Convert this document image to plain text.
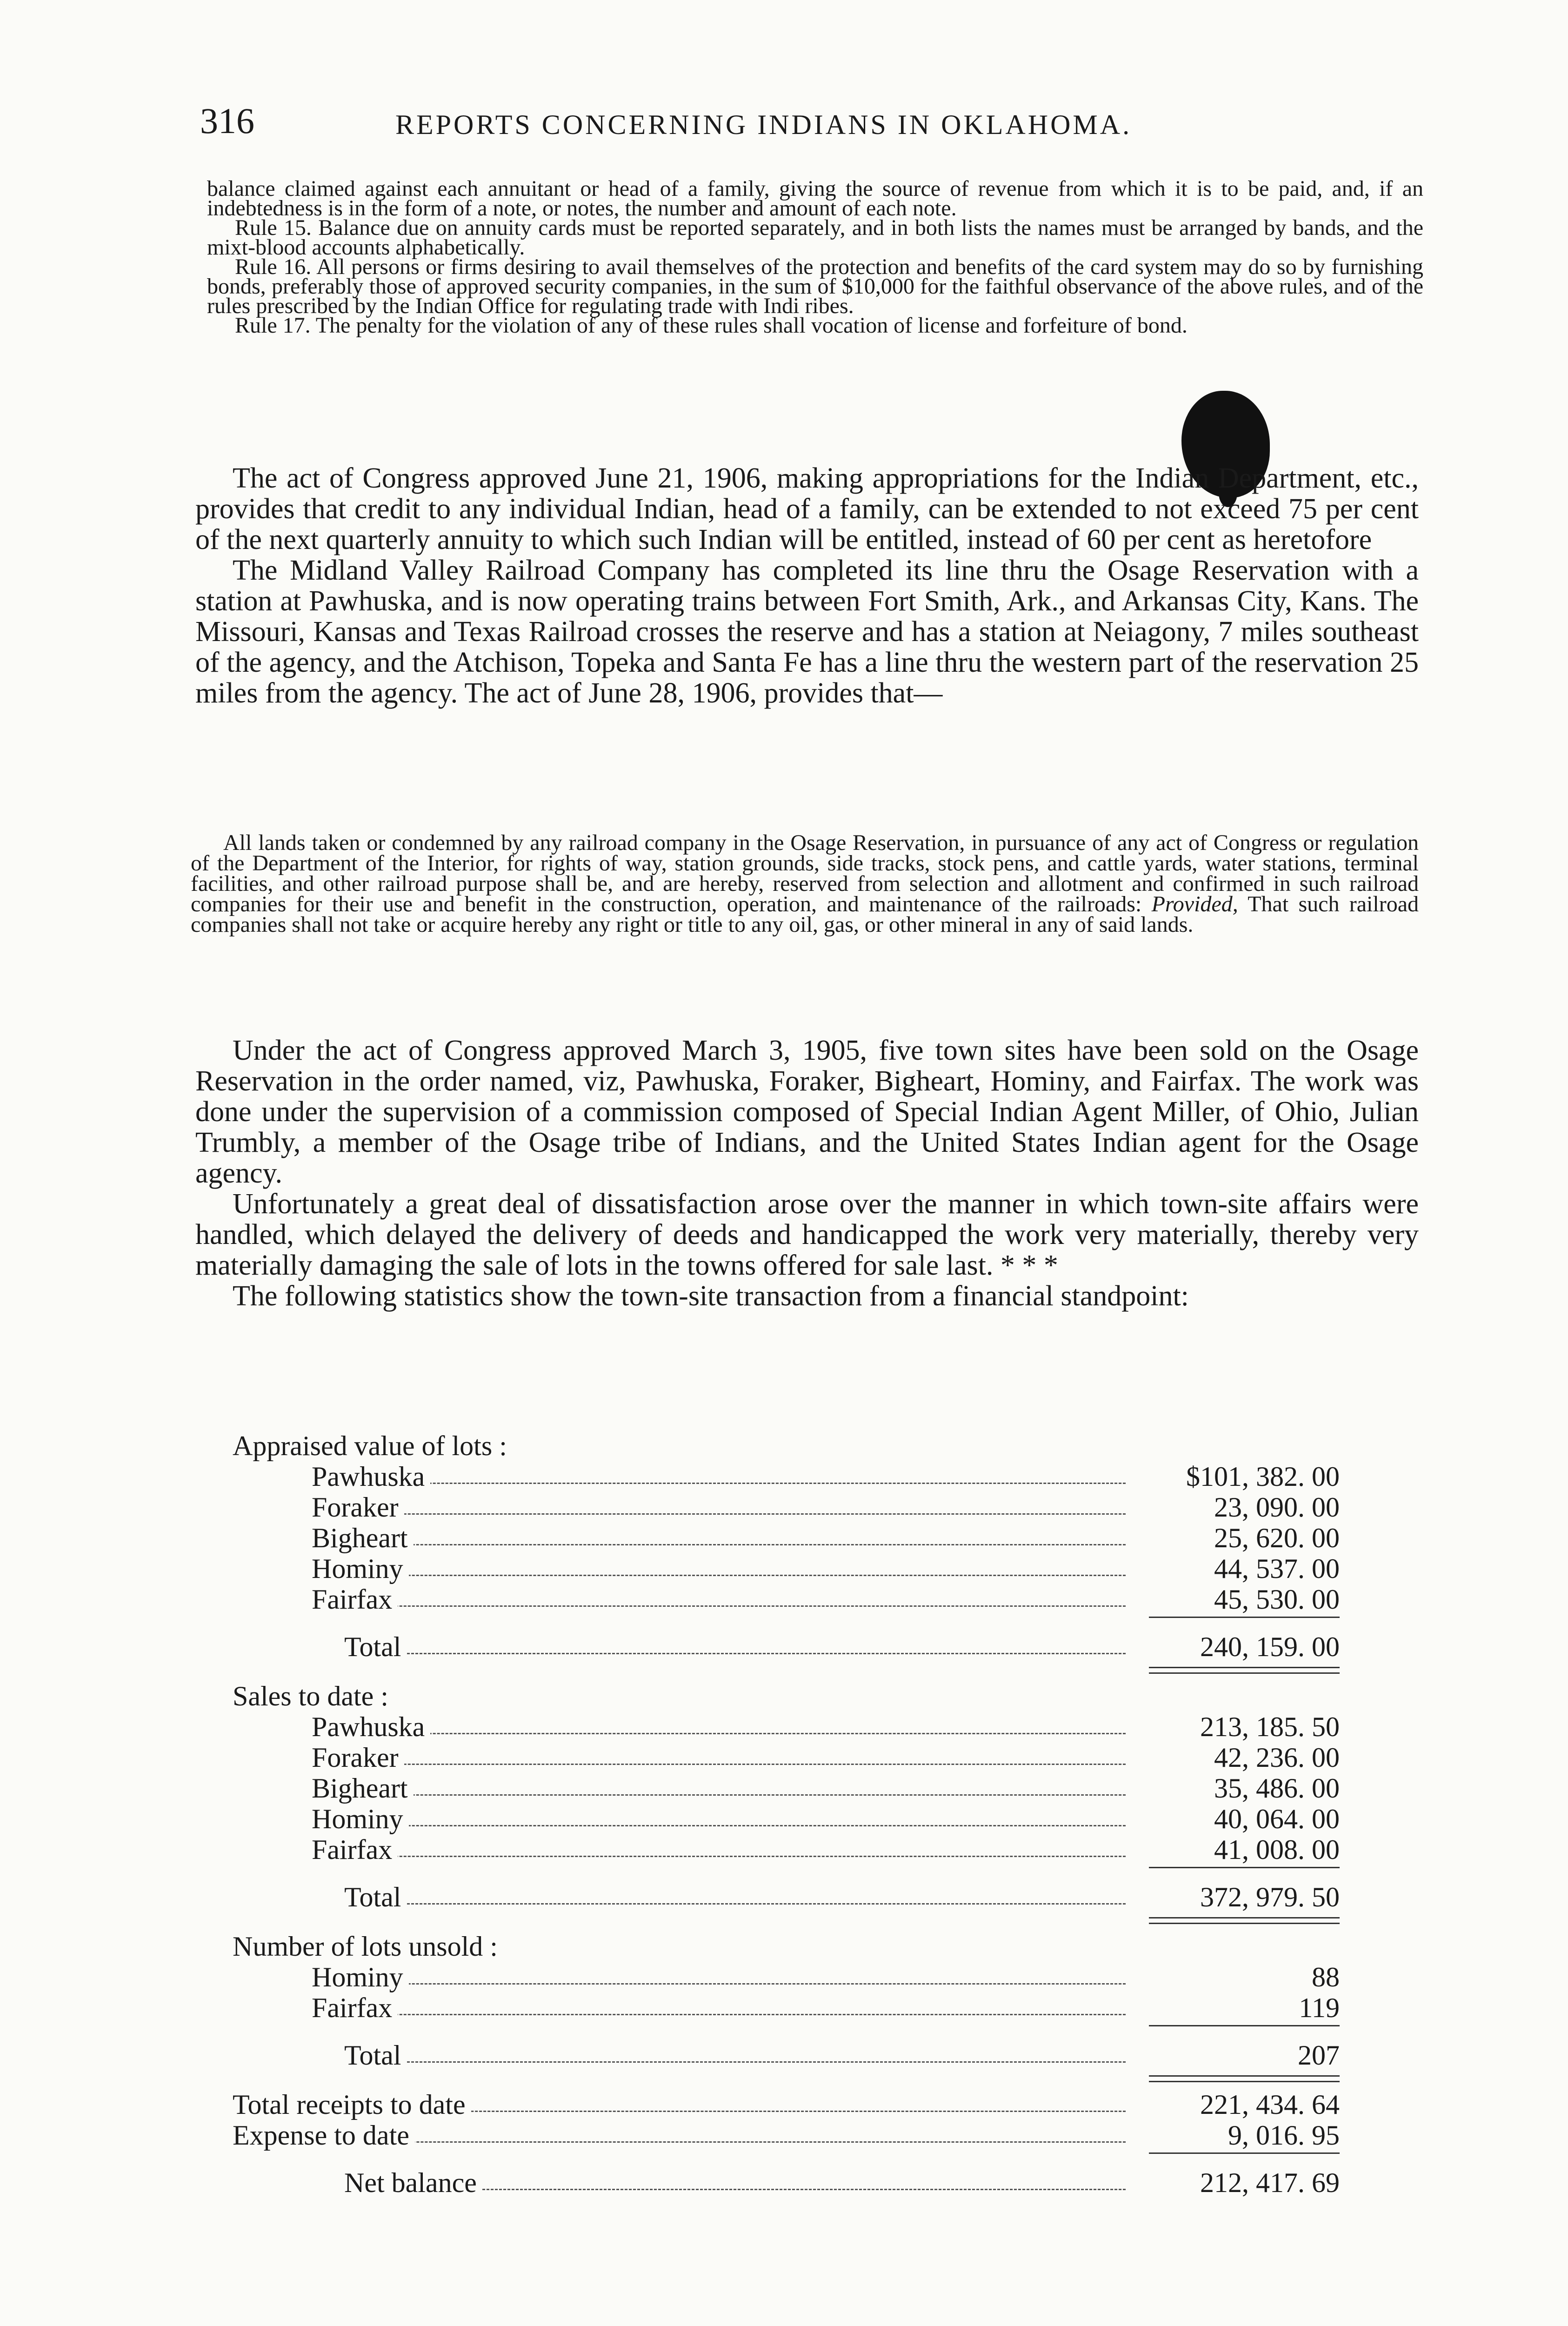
316	REPORTS CONCERNING INDIANS IN OKLAHOMA.

balance claimed against each annuitant or head of a family, giving the source of revenue from which it is to be paid, and, if an indebtedness is in the form of a note, or notes, the number and amount of each note.

Rule 15. Balance due on annuity cards must be reported separately, and in both lists the names must be arranged by bands, and the mixt-blood accounts alphabetically.

Rule 16. All persons or firms desiring to avail themselves of the protection and benefits of the card system may do so by furnishing bonds, preferably those of approved security companies, in the sum of $10,000 for the faithful observance of the above rules, and of the rules prescribed by the Indian Office for regulating trade with Indi ribes.

Rule 17. The penalty for the violation of any of these rules shall vocation of license and forfeiture of bond.

The act of Congress approved June 21, 1906, making appropriations for the Indian Department, etc., provides that credit to any individual Indian, head of a family, can be extended to not exceed 75 per cent of the next quarterly annuity to which such Indian will be entitled, instead of 60 per cent as heretofore

The Midland Valley Railroad Company has completed its line thru the Osage Reservation with a station at Pawhuska, and is now operating trains between Fort Smith, Ark., and Arkansas City, Kans. The Missouri, Kansas and Texas Railroad crosses the reserve and has a station at Neiagony, 7 miles southeast of the agency, and the Atchison, Topeka and Santa Fe has a line thru the western part of the reservation 25 miles from the agency. The act of June 28, 1906, provides that—

All lands taken or condemned by any railroad company in the Osage Reservation, in pursuance of any act of Congress or regulation of the Department of the Interior, for rights of way, station grounds, side tracks, stock pens, and cattle yards, water stations, terminal facilities, and other railroad purpose shall be, and are hereby, reserved from selection and allotment and confirmed in such railroad companies for their use and benefit in the construction, operation, and maintenance of the railroads: Provided, That such railroad companies shall not take or acquire hereby any right or title to any oil, gas, or other mineral in any of said lands.

Under the act of Congress approved March 3, 1905, five town sites have been sold on the Osage Reservation in the order named, viz, Pawhuska, Foraker, Bigheart, Hominy, and Fairfax. The work was done under the supervision of a commission composed of Special Indian Agent Miller, of Ohio, Julian Trumbly, a member of the Osage tribe of Indians, and the United States Indian agent for the Osage agency.

Unfortunately a great deal of dissatisfaction arose over the manner in which town-site affairs were handled, which delayed the delivery of deeds and handicapped the work very materially, thereby very materially damaging the sale of lots in the towns offered for sale last. * * *

The following statistics show the town-site transaction from a financial standpoint:

Appraised value of lots :
Pawhuska	$101, 382. 00
Foraker	23, 090. 00
Bigheart	25, 620. 00
Hominy	44, 537. 00
Fairfax	45, 530. 00
Total	240, 159. 00
Sales to date :
Pawhuska	213, 185. 50
Foraker	42, 236. 00
Bigheart	35, 486. 00
Hominy	40, 064. 00
Fairfax	41, 008. 00
Total	372, 979. 50
Number of lots unsold :
Hominy	88
Fairfax	119
Total	207
Total receipts to date	221, 434. 64
Expense to date	9, 016. 95
Net balance	212, 417. 69
